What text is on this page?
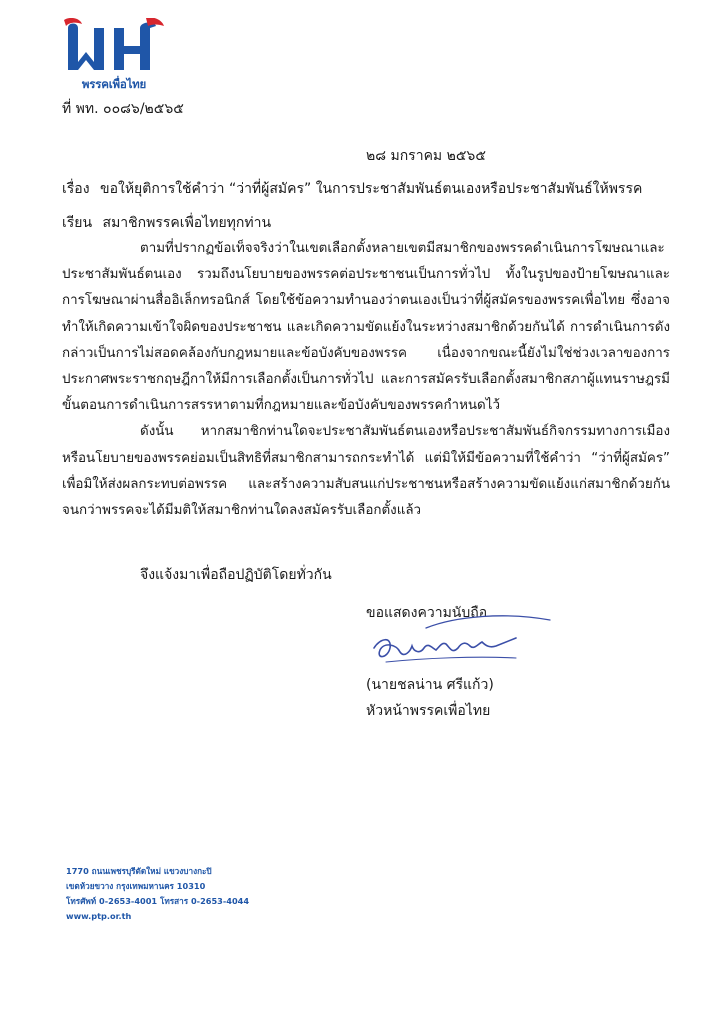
พรรคเพื่อไทย
ที่ พท. ๐๐๘๖/๒๕๖๕
๒๘ มกราคม ๒๕๖๕
เรื่อง ขอให้ยุติการใช้คำว่า “ว่าที่ผู้สมัคร” ในการประชาสัมพันธ์ตนเองหรือประชาสัมพันธ์ให้พรรค
เรียน สมาชิกพรรคเพื่อไทยทุกท่าน

ตามที่ปรากฏข้อเท็จจริงว่าในเขตเลือกตั้งหลายเขตมีสมาชิกของพรรคดำเนินการโฆษณาและประชาสัมพันธ์ตนเอง รวมถึงนโยบายของพรรคต่อประชาชนเป็นการทั่วไป ทั้งในรูปของป้ายโฆษณาและการโฆษณาผ่านสื่ออิเล็กทรอนิกส์ โดยใช้ข้อความทำนองว่าตนเองเป็นว่าที่ผู้สมัครของพรรคเพื่อไทย ซึ่งอาจทำให้เกิดความเข้าใจผิดของประชาชน และเกิดความขัดแย้งในระหว่างสมาชิกด้วยกันได้ การดำเนินการดังกล่าวเป็นการไม่สอดคล้องกับกฎหมายและข้อบังคับของพรรค เนื่องจากขณะนี้ยังไม่ใช่ช่วงเวลาของการประกาศพระราชกฤษฎีกาให้มีการเลือกตั้งเป็นการทั่วไป และการสมัครรับเลือกตั้งสมาชิกสภาผู้แทนราษฎรมีขั้นตอนการดำเนินการสรรหาตามที่กฎหมายและข้อบังคับของพรรคกำหนดไว้

ดังนั้น หากสมาชิกท่านใดจะประชาสัมพันธ์ตนเองหรือประชาสัมพันธ์กิจกรรมทางการเมืองหรือนโยบายของพรรคย่อมเป็นสิทธิที่สมาชิกสามารถกระทำได้ แต่มิให้มีข้อความที่ใช้คำว่า “ว่าที่ผู้สมัคร” เพื่อมิให้ส่งผลกระทบต่อพรรค และสร้างความสับสนแก่ประชาชนหรือสร้างความขัดแย้งแก่สมาชิกด้วยกัน จนกว่าพรรคจะได้มีมติให้สมาชิกท่านใดลงสมัครรับเลือกตั้งแล้ว

จึงแจ้งมาเพื่อถือปฏิบัติโดยทั่วกัน
ขอแสดงความนับถือ
(นายชลน่าน ศรีแก้ว)
หัวหน้าพรรคเพื่อไทย
1770 ถนนเพชรบุรีตัดใหม่ แขวงบางกะปิ
เขตห้วยขวาง กรุงเทพมหานคร 10310
โทรศัพท์ 0-2653-4001 โทรสาร 0-2653-4044
www.ptp.or.th
